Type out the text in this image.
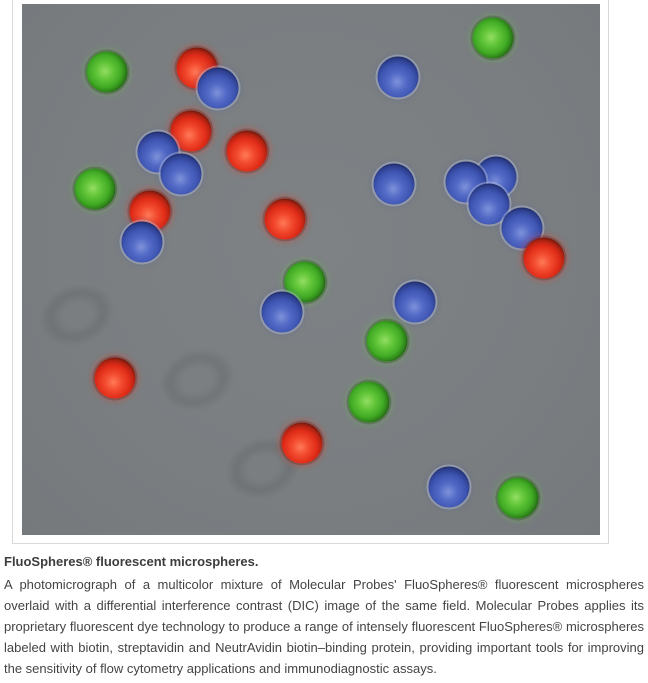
FluoSpheres® fluorescent microspheres.

A photomicrograph of a multicolor mixture of Molecular Probes' FluoSpheres® fluorescent microspheres overlaid with a differential interference contrast (DIC) image of the same field. Molecular Probes applies its proprietary fluorescent dye technology to produce a range of intensely fluorescent FluoSpheres® microspheres labeled with biotin, streptavidin and NeutrAvidin biotin–binding protein, providing important tools for improving the sensitivity of flow cytometry applications and immunodiagnostic assays.
